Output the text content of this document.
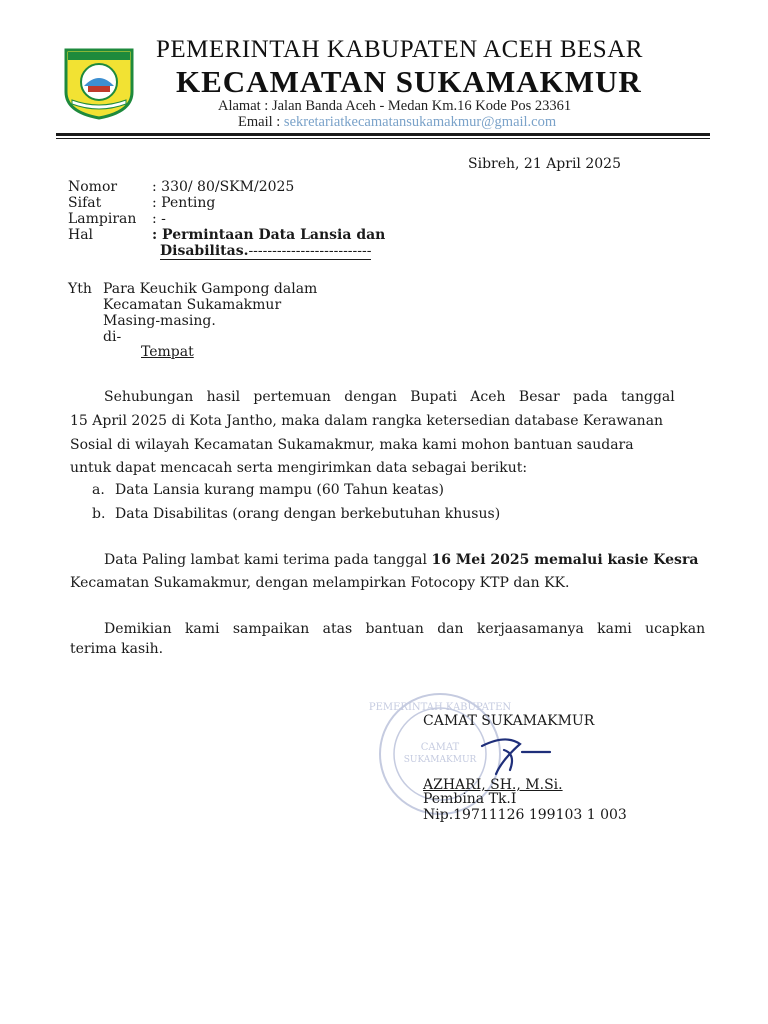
PEMERINTAH KABUPATEN ACEH BESAR
KECAMATAN SUKAMAKMUR
Alamat : Jalan Banda Aceh - Medan Km.16 Kode Pos 23361
Email : sekretariatkecamatansukamakmur@gmail.com
Sibreh, 21 April 2025
Nomor : 330/ 80/SKM/2025
Sifat	: Penting
Lampiran : -
Hal	: Permintaan Data Lansia dan
Disabilitas.--------------------------
Yth Para Keuchik Gampong dalam
Kecamatan Sukamakmur
Masing-masing.
di-
Tempat
Sehubungan   hasil   pertemuan   dengan   Bupati   Aceh   Besar   pada   tanggal
15 April 2025 di Kota Jantho, maka dalam rangka ketersedian database Kerawanan
Sosial di wilayah Kecamatan Sukamakmur, maka kami mohon bantuan saudara
untuk dapat mencacah serta mengirimkan data sebagai berikut:
a. Data Lansia kurang mampu (60 Tahun keatas)
b. Data Disabilitas (orang dengan berkebutuhan khusus)
Data Paling lambat kami terima pada tanggal 16 Mei 2025 memalui kasie Kesra
Kecamatan Sukamakmur, dengan melampirkan Fotocopy KTP dan KK.
Demikian   kami   sampaikan   atas   bantuan   dan   kerjaasamanya   kami   ucapkan
terima kasih.
PEMERINTAH KABUPATEN
CAMAT
SUKAMAKMUR
CAMAT SUKAMAKMUR
AZHARI, SH., M.Si.
Pembina Tk.I
Nip.19711126 199103 1 003
